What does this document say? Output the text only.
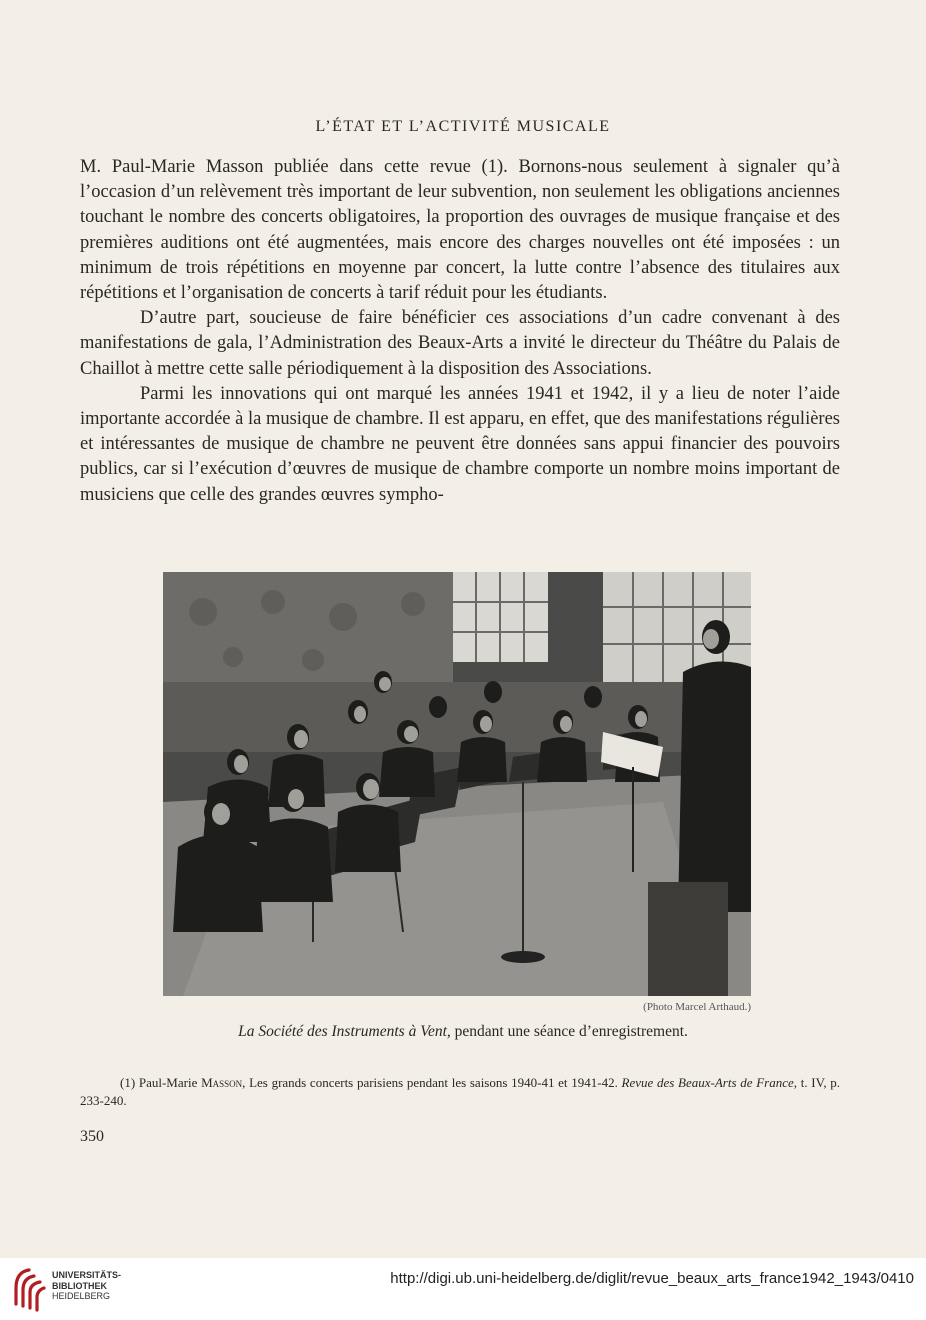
L’ÉTAT ET L’ACTIVITÉ MUSICALE

M. Paul-Marie Masson publiée dans cette revue (1). Bornons-nous seulement à signaler qu’à l’occasion d’un relèvement très important de leur subvention, non seulement les obligations anciennes touchant le nombre des concerts obligatoires, la proportion des ouvrages de musique française et des premières auditions ont été augmentées, mais encore des charges nouvelles ont été imposées : un minimum de trois répétitions en moyenne par concert, la lutte contre l’absence des titulaires aux répétitions et l’organisation de concerts à tarif réduit pour les étudiants.

D’autre part, soucieuse de faire bénéficier ces associations d’un cadre convenant à des manifestations de gala, l’Administration des Beaux-Arts a invité le directeur du Théâtre du Palais de Chaillot à mettre cette salle périodiquement à la disposition des Associations.

Parmi les innovations qui ont marqué les années 1941 et 1942, il y a lieu de noter l’aide importante accordée à la musique de chambre. Il est apparu, en effet, que des manifestations régulières et intéressantes de musique de chambre ne peuvent être données sans appui financier des pouvoirs publics, car si l’exécution d’œuvres de musique de chambre comporte un nombre moins important de musiciens que celle des grandes œuvres sympho-

(Photo Marcel Arthaud.)
La Société des Instruments à Vent, pendant une séance d’enregistrement.

(1) Paul-Marie Masson, Les grands concerts parisiens pendant les saisons 1940-41 et 1941-42. Revue des Beaux-Arts de France, t. IV, p. 233-240.

350
UNIVERSITÄTS-
BIBLIOTHEK
HEIDELBERG
http://digi.ub.uni-heidelberg.de/diglit/revue_beaux_arts_france1942_1943/0410
